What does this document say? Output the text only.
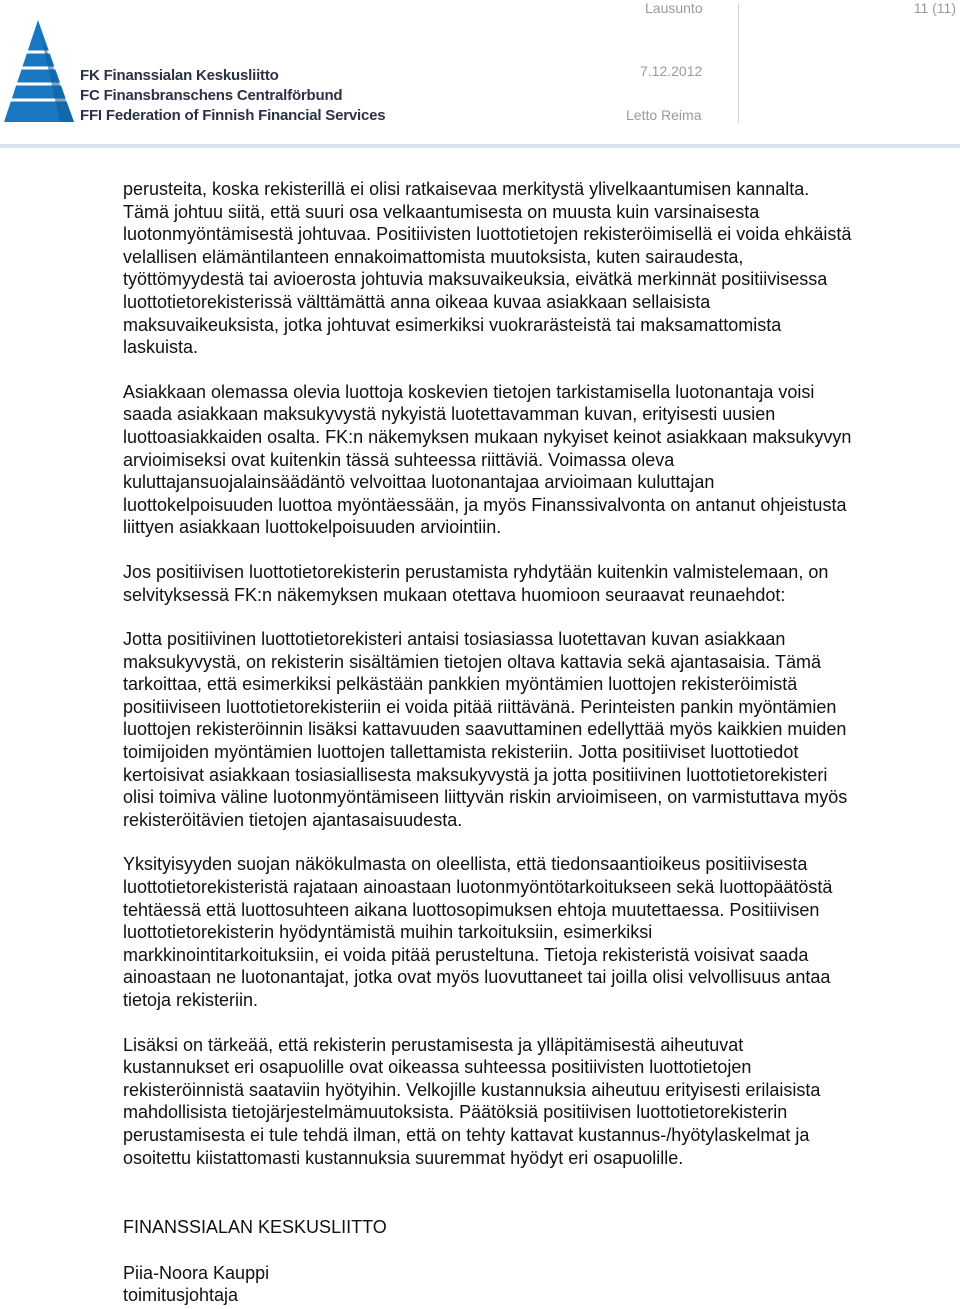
FK Finanssialan Keskusliitto
FC Finansbranschens Centralförbund
FFI Federation of Finnish Financial Services
Lausunto	11 (11)
7.12.2012
Letto Reima
perusteita, koska rekisterillä ei olisi ratkaisevaa merkitystä ylivelkaantumisen kannalta.
Tämä johtuu siitä, että suuri osa velkaantumisesta on muusta kuin varsinaisesta
luotonmyöntämisestä johtuvaa. Positiivisten luottotietojen rekisteröimisellä ei voida ehkäistä
velallisen elämäntilanteen ennakoimattomista muutoksista, kuten sairaudesta,
työttömyydestä tai avioerosta johtuvia maksuvaikeuksia, eivätkä merkinnät positiivisessa
luottotietorekisterissä välttämättä anna oikeaa kuvaa asiakkaan sellaisista
maksuvaikeuksista, jotka johtuvat esimerkiksi vuokrarästeistä tai maksamattomista
laskuista.
Asiakkaan olemassa olevia luottoja koskevien tietojen tarkistamisella luotonantaja voisi
saada asiakkaan maksukyvystä nykyistä luotettavamman kuvan, erityisesti uusien
luottoasiakkaiden osalta. FK:n näkemyksen mukaan nykyiset keinot asiakkaan maksukyvyn
arvioimiseksi ovat kuitenkin tässä suhteessa riittäviä. Voimassa oleva
kuluttajansuojalainsäädäntö velvoittaa luotonantajaa arvioimaan kuluttajan
luottokelpoisuuden luottoa myöntäessään, ja myös Finanssivalvonta on antanut ohjeistusta
liittyen asiakkaan luottokelpoisuuden arviointiin.
Jos positiivisen luottotietorekisterin perustamista ryhdytään kuitenkin valmistelemaan, on
selvityksessä FK:n näkemyksen mukaan otettava huomioon seuraavat reunaehdot:
Jotta positiivinen luottotietorekisteri antaisi tosiasiassa luotettavan kuvan asiakkaan
maksukyvystä, on rekisterin sisältämien tietojen oltava kattavia sekä ajantasaisia. Tämä
tarkoittaa, että esimerkiksi pelkästään pankkien myöntämien luottojen rekisteröimistä
positiiviseen luottotietorekisteriin ei voida pitää riittävänä. Perinteisten pankin myöntämien
luottojen rekisteröinnin lisäksi kattavuuden saavuttaminen edellyttää myös kaikkien muiden
toimijoiden myöntämien luottojen tallettamista rekisteriin. Jotta positiiviset luottotiedot
kertoisivat asiakkaan tosiasiallisesta maksukyvystä ja jotta positiivinen luottotietorekisteri
olisi toimiva väline luotonmyöntämiseen liittyvän riskin arvioimiseen, on varmistuttava myös
rekisteröitävien tietojen ajantasaisuudesta.
Yksityisyyden suojan näkökulmasta on oleellista, että tiedonsaantioikeus positiivisesta
luottotietorekisteristä rajataan ainoastaan luotonmyöntötarkoitukseen sekä luottopäätöstä
tehtäessä että luottosuhteen aikana luottosopimuksen ehtoja muutettaessa. Positiivisen
luottotietorekisterin hyödyntämistä muihin tarkoituksiin, esimerkiksi
markkinointitarkoituksiin, ei voida pitää perusteltuna. Tietoja rekisteristä voisivat saada
ainoastaan ne luotonantajat, jotka ovat myös luovuttaneet tai joilla olisi velvollisuus antaa
tietoja rekisteriin.
Lisäksi on tärkeää, että rekisterin perustamisesta ja ylläpitämisestä aiheutuvat
kustannukset eri osapuolille ovat oikeassa suhteessa positiivisten luottotietojen
rekisteröinnistä saataviin hyötyihin. Velkojille kustannuksia aiheutuu erityisesti erilaisista
mahdollisista tietojärjestelmämuutoksista. Päätöksiä positiivisen luottotietorekisterin
perustamisesta ei tule tehdä ilman, että on tehty kattavat kustannus-/hyötylaskelmat ja
osoitettu kiistattomasti kustannuksia suuremmat hyödyt eri osapuolille.
FINANSSIALAN KESKUSLIITTO
Piia-Noora Kauppi
toimitusjohtaja
